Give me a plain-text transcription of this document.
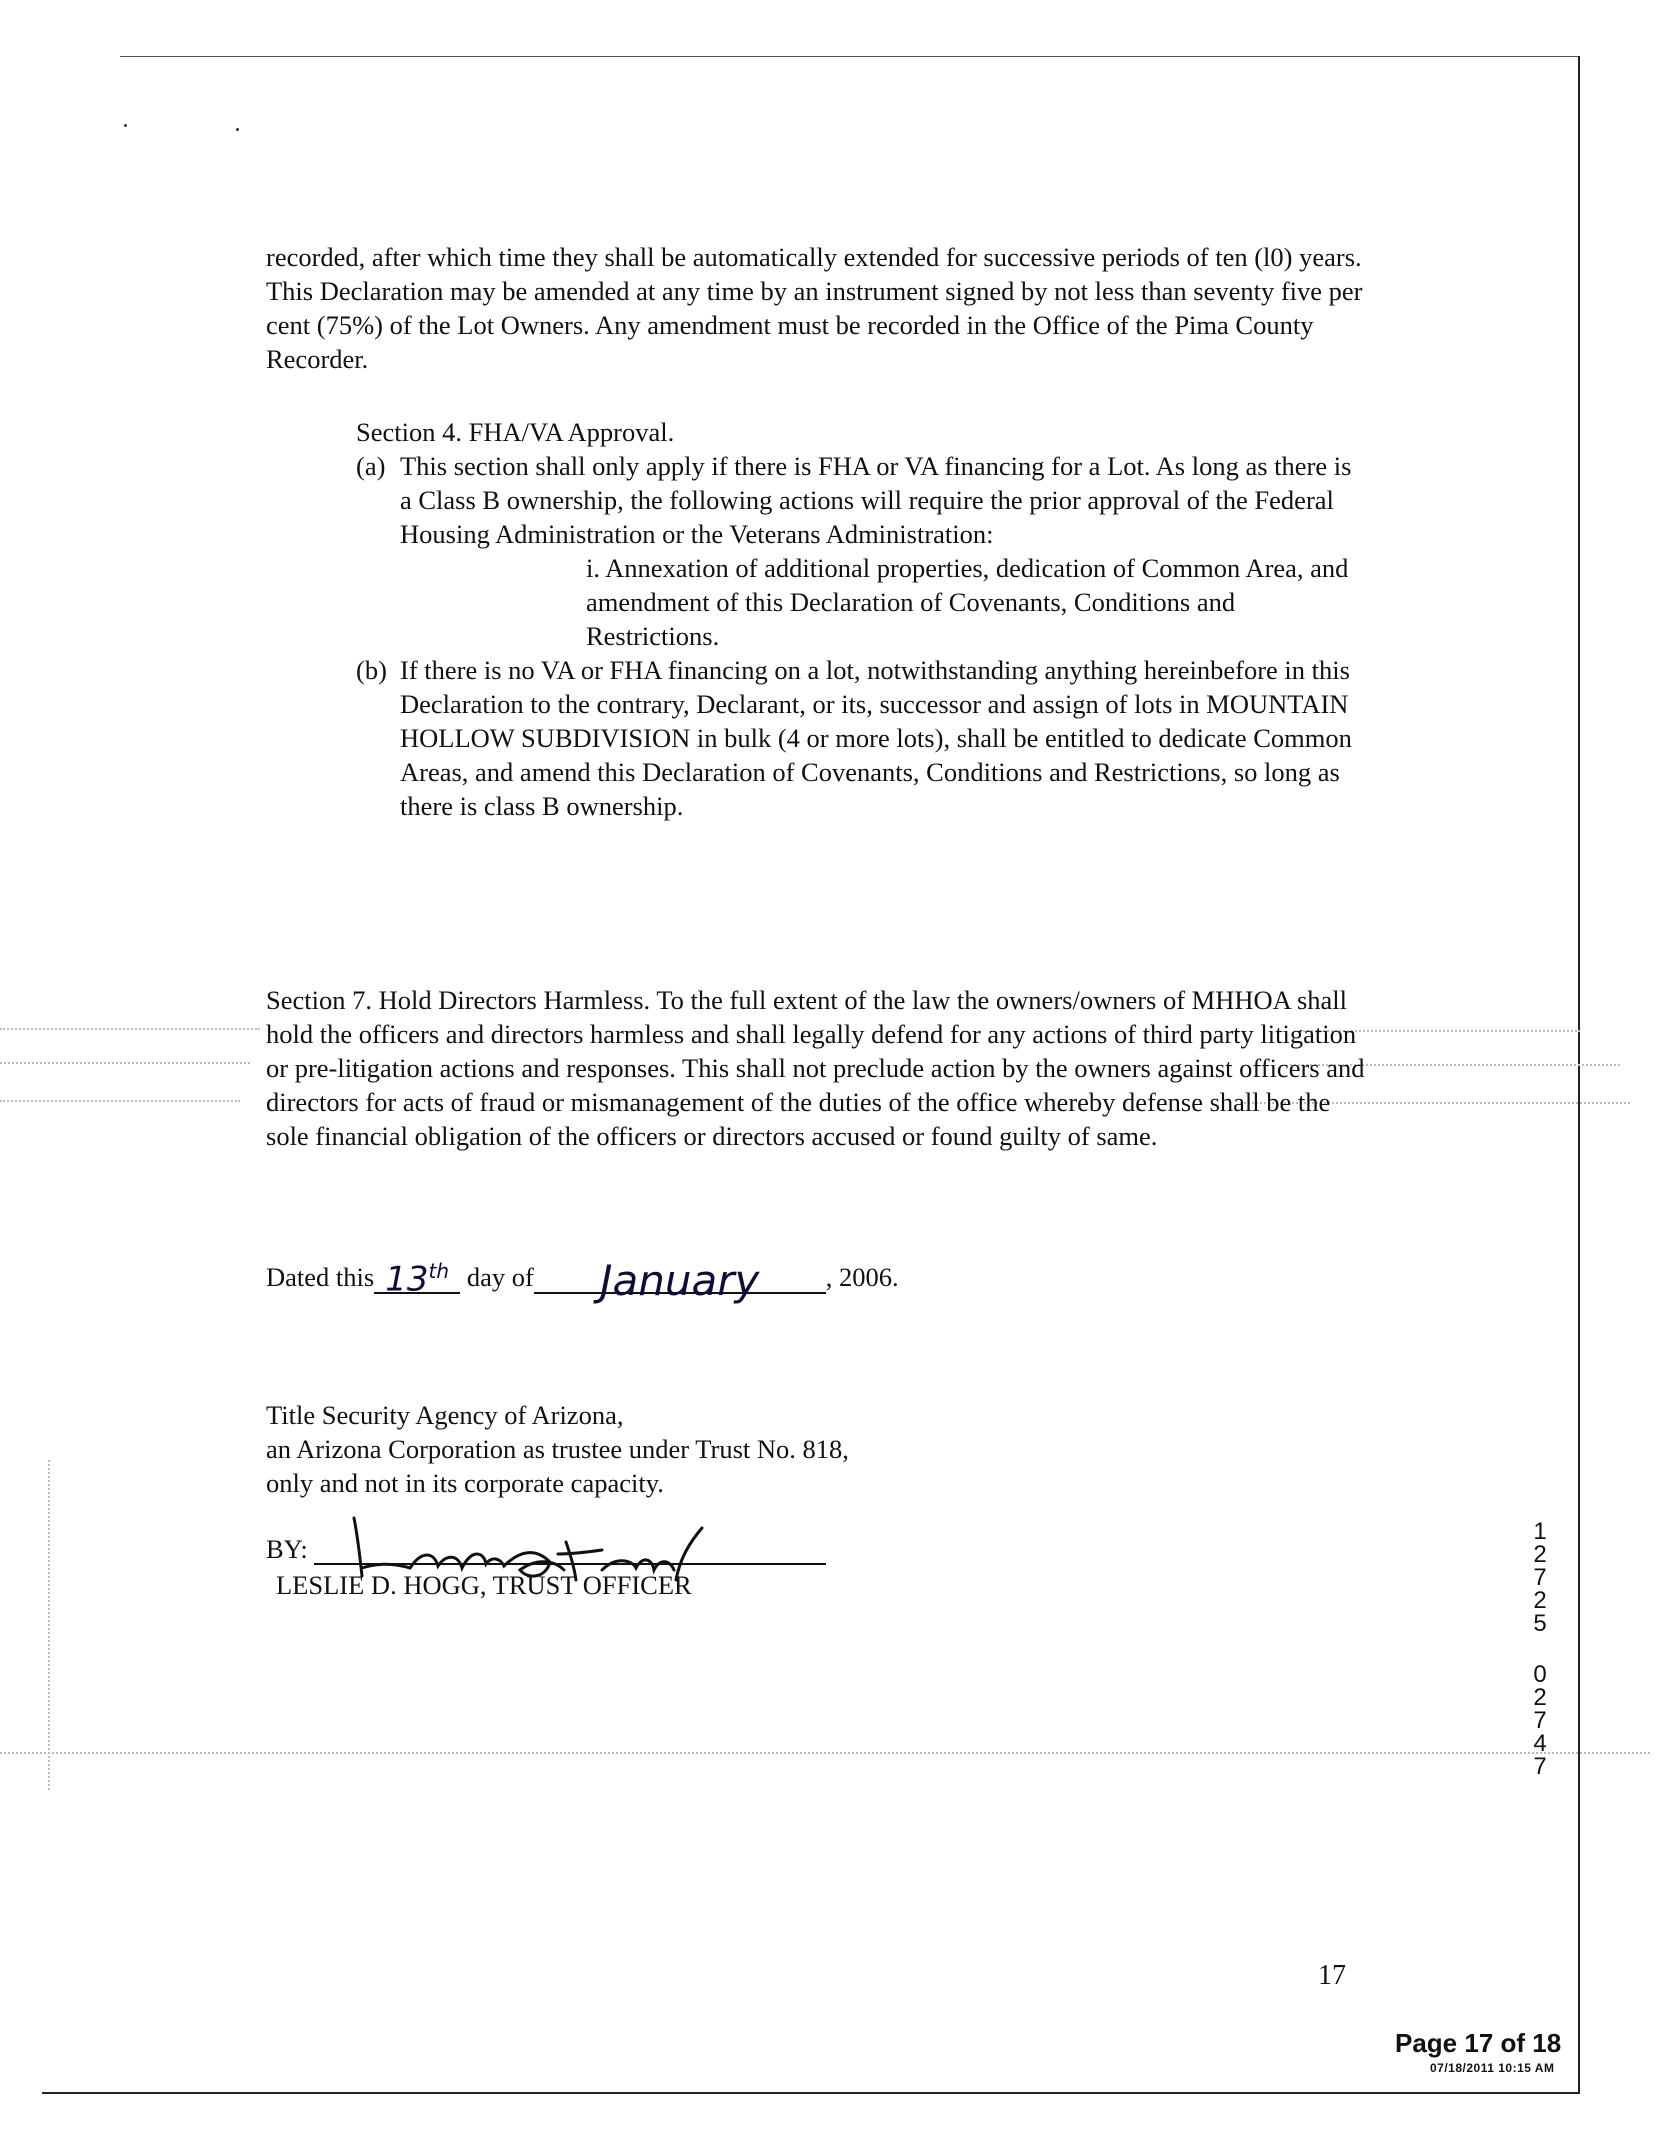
recorded, after which time they shall be automatically extended for successive periods of ten (l0) years. This Declaration may be amended at any time by an instrument signed by not less than seventy five per cent (75%) of the Lot Owners. Any amendment must be recorded in the Office of the Pima County Recorder.
Section 4. FHA/VA Approval.
(a) This section shall only apply if there is FHA or VA financing for a Lot. As long as there is a Class B ownership, the following actions will require the prior approval of the Federal Housing Administration or the Veterans Administration:
i. Annexation of additional properties, dedication of Common Area, and amendment of this Declaration of Covenants, Conditions and Restrictions.
(b) If there is no VA or FHA financing on a lot, notwithstanding anything hereinbefore in this Declaration to the contrary, Declarant, or its, successor and assign of lots in MOUNTAIN HOLLOW SUBDIVISION in bulk (4 or more lots), shall be entitled to dedicate Common Areas, and amend this Declaration of Covenants, Conditions and Restrictions, so long as there is class B ownership.
Section 7. Hold Directors Harmless. To the full extent of the law the owners/owners of MHHOA shall hold the officers and directors harmless and shall legally defend for any actions of third party litigation or pre-litigation actions and responses. This shall not preclude action by the owners against officers and directors for acts of fraud or mismanagement of the duties of the office whereby defense shall be the sole financial obligation of the officers or directors accused or found guilty of same.
Dated this 13th day of	January	, 2006.
Title Security Agency of Arizona,
an Arizona Corporation as trustee under Trust No. 818,
only and not in its corporate capacity.
BY:
LESLIE D. HOGG, TRUST OFFICER
1
2
7
2
5
0
2
7
4
7
17
Page 17 of 18
07/18/2011 10:15 AM
